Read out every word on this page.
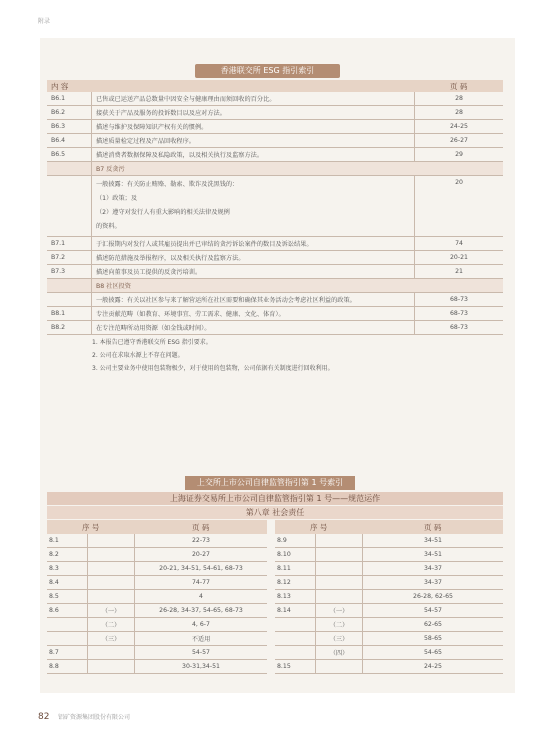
附录
香港联交所 ESG 指引索引
内 容		页 码
B6.1	已售或已运送产品总数量中因安全与健康理由而须回收的百分比。	28
B6.2	接获关于产品及服务的投诉数目以及应对方法。	28
B6.3	描述与维护及保障知识产权有关的惯例。	24-25
B6.4	描述质量检定过程及产品回收程序。	26-27
B6.5	描述消费者数据保障及私隐政策，以及相关执行及监察方法。	29
	B7 反贪污	

	一般披露：有关防止贿赂、勒索、欺诈及洗黑钱的：
（1）政策；及
（2）遵守对发行人有重大影响的相关法律及规例
的资料。	20
B7.1	于汇报期内对发行人或其雇员提出并已审结的贪污诉讼案件的数目及诉讼结果。	74
B7.2	描述防范措施及举报程序，以及相关执行及监察方法。	20-21
B7.3	描述向董事及员工提供的反贪污培训。	21
	B8 社区投资	
	一般披露：有关以社区参与来了解营运所在社区需要和确保其业务活动会考虑社区利益的政策。	68-73
B8.1	专注贡献范畴（如教育、环境事宜、劳工需求、健康、文化、体育）。	68-73
B8.2	在专注范畴所动用资源（如金钱或时间）。	68-73
1. 本报告已遵守香港联交所 ESG 指引要求。
2. 公司在求取水源上不存在问题。
3. 公司主要业务中使用包装物极少，对于使用的包装物，公司依据有关制度进行回收利用。
上交所上市公司自律监管指引第 1 号索引
上海证券交易所上市公司自律监管指引第 1 号——规范运作
第八章 社会责任
序 号		页 码
8.1		22-73
8.2		20-27
8.3		20-21, 34-51, 54-61, 68-73
8.4		74-77
8.5		4
8.6	（一）	26-28, 34-37, 54-65, 68-73
	（二）	4, 6-7
	（三）	不适用
8.7		54-57
8.8		30-31,34-51
序 号		页 码
8.9		34-51
8.10		34-51
8.11		34-37
8.12		34-37
8.13		26-28, 62-65
8.14	（一）	54-57
	（二）	62-65
	（三）	58-65
	（四）	54-65
8.15		24-25
82 铝矿资源集团股份有限公司
